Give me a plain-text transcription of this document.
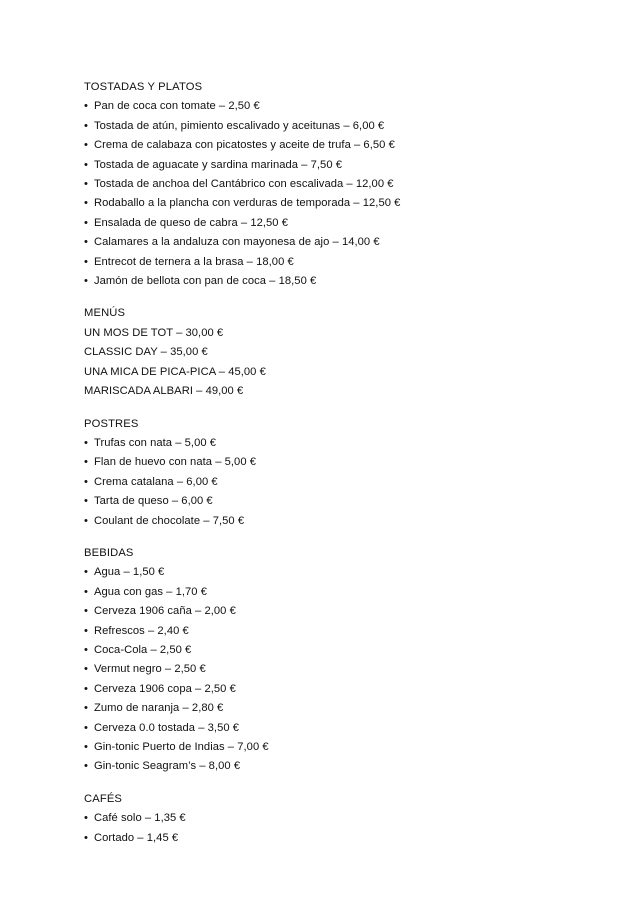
TOSTADAS Y PLATOS
• Pan de coca con tomate – 2,50 €
• Tostada de atún, pimiento escalivado y aceitunas – 6,00 €
• Crema de calabaza con picatostes y aceite de trufa – 6,50 €
• Tostada de aguacate y sardina marinada – 7,50 €
• Tostada de anchoa del Cantábrico con escalivada – 12,00 €
• Rodaballo a la plancha con verduras de temporada – 12,50 €
• Ensalada de queso de cabra – 12,50 €
• Calamares a la andaluza con mayonesa de ajo – 14,00 €
• Entrecot de ternera a la brasa – 18,00 €
• Jamón de bellota con pan de coca – 18,50 €
MENÚS
UN MOS DE TOT – 30,00 €
CLASSIC DAY – 35,00 €
UNA MICA DE PICA-PICA – 45,00 €
MARISCADA ALBARI – 49,00 €
POSTRES
• Trufas con nata – 5,00 €
• Flan de huevo con nata – 5,00 €
• Crema catalana – 6,00 €
• Tarta de queso – 6,00 €
• Coulant de chocolate – 7,50 €
BEBIDAS
• Agua – 1,50 €
• Agua con gas – 1,70 €
• Cerveza 1906 caña – 2,00 €
• Refrescos – 2,40 €
• Coca-Cola – 2,50 €
• Vermut negro – 2,50 €
• Cerveza 1906 copa – 2,50 €
• Zumo de naranja – 2,80 €
• Cerveza 0.0 tostada – 3,50 €
• Gin-tonic Puerto de Indias – 7,00 €
• Gin-tonic Seagram’s – 8,00 €
CAFÉS
• Café solo – 1,35 €
• Cortado – 1,45 €
